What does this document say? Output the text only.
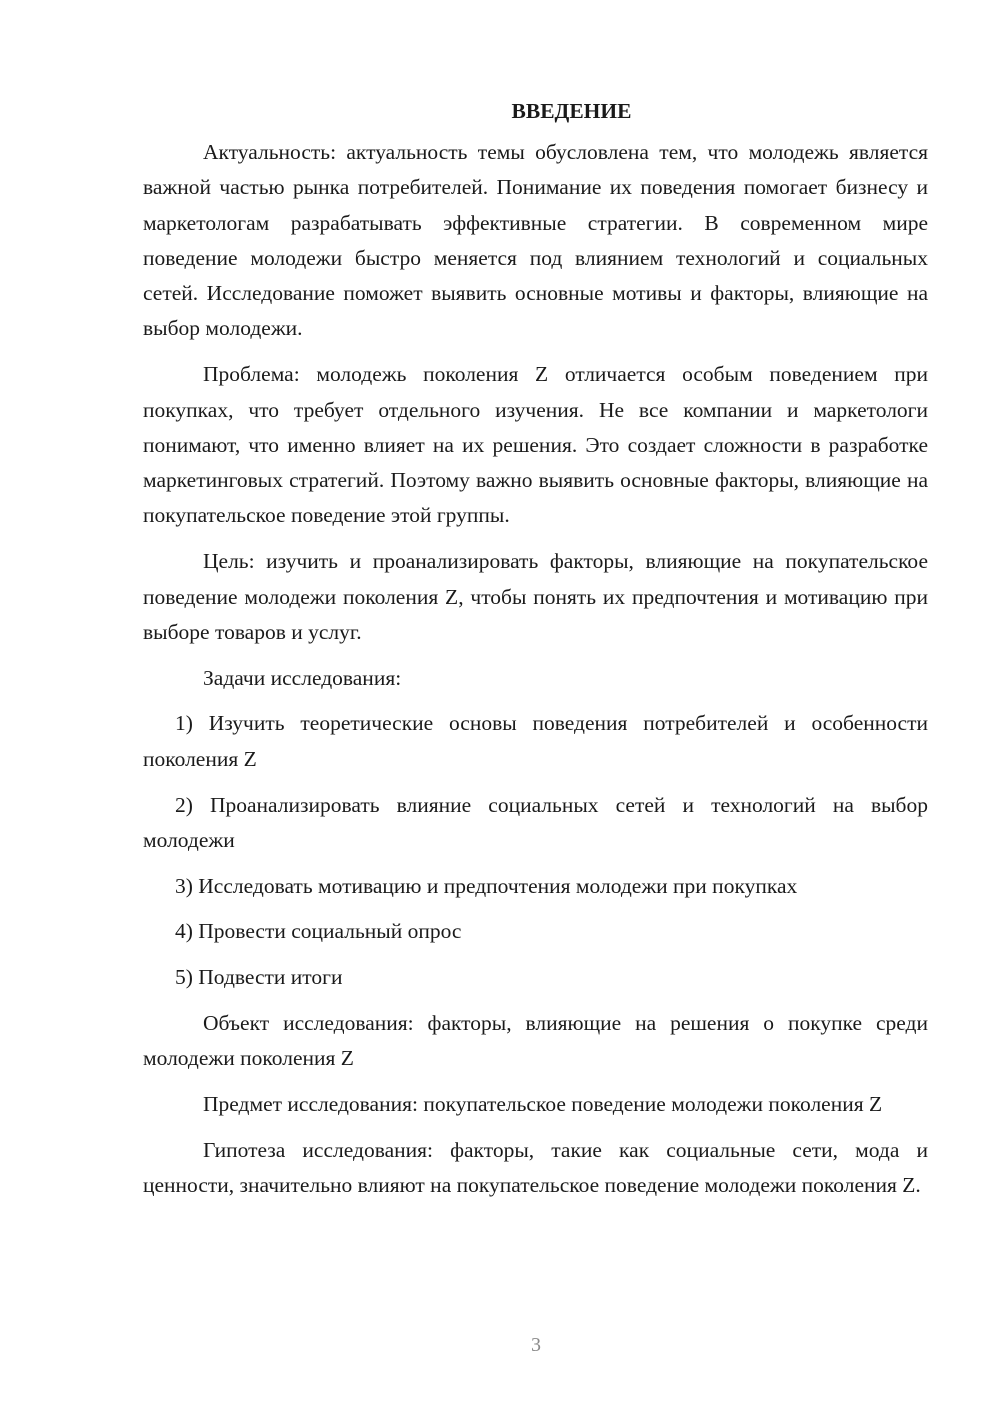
ВВЕДЕНИЕ

Актуальность: актуальность темы обусловлена тем, что молодежь является важной частью рынка потребителей. Понимание их поведения помогает бизнесу и маркетологам разрабатывать эффективные стратегии. В современном мире поведение молодежи быстро меняется под влиянием технологий и социальных сетей. Исследование поможет выявить основные мотивы и факторы, влияющие на выбор молодежи.

Проблема: молодежь поколения Z отличается особым поведением при покупках, что требует отдельного изучения. Не все компании и маркетологи понимают, что именно влияет на их решения. Это создает сложности в разработке маркетинговых стратегий. Поэтому важно выявить основные факторы, влияющие на покупательское поведение этой группы.

Цель: изучить и проанализировать факторы, влияющие на покупательское поведение молодежи поколения Z, чтобы понять их предпочтения и мотивацию при выборе товаров и услуг.

Задачи исследования:

1) Изучить теоретические основы поведения потребителей и особенности поколения Z

2) Проанализировать влияние социальных сетей и технологий на выбор молодежи

3) Исследовать мотивацию и предпочтения молодежи при покупках

4) Провести социальный опрос

5) Подвести итоги

Объект исследования: факторы, влияющие на решения о покупке среди молодежи поколения Z

Предмет исследования: покупательское поведение молодежи поколения Z

Гипотеза исследования: факторы, такие как социальные сети, мода и ценности, значительно влияют на покупательское поведение молодежи поколения Z.

3
